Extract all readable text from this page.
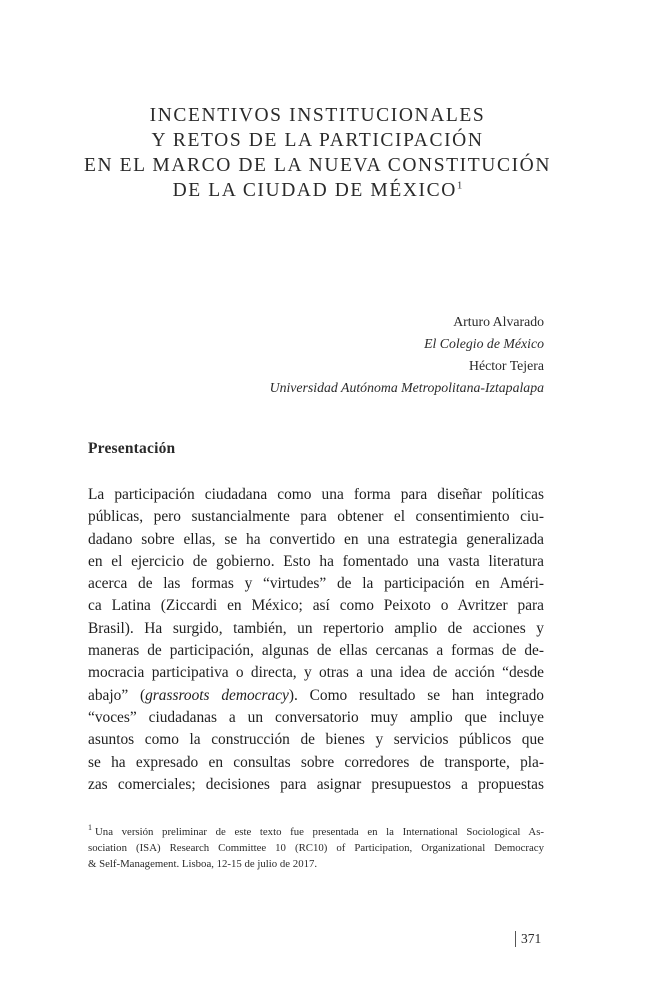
INCENTIVOS INSTITUCIONALES
Y RETOS DE LA PARTICIPACIÓN
EN EL MARCO DE LA NUEVA CONSTITUCIÓN
DE LA CIUDAD DE MÉXICO$^1$
Arturo Alvarado
El Colegio de México
Héctor Tejera
Universidad Autónoma Metropolitana-Iztapalapa
Presentación
La participación ciudadana como una forma para diseñar políticas
públicas, pero sustancialmente para obtener el consentimiento ciu-
dadano sobre ellas, se ha convertido en una estrategia generalizada
en el ejercicio de gobierno. Esto ha fomentado una vasta literatura
acerca de las formas y “virtudes” de la participación en Améri-
ca Latina (Ziccardi en México; así como Peixoto o Avritzer para
Brasil). Ha surgido, también, un repertorio amplio de acciones y
maneras de participación, algunas de ellas cercanas a formas de de-
mocracia participativa o directa, y otras a una idea de acción “desde
abajo” (grassroots democracy). Como resultado se han integrado
“voces” ciudadanas a un conversatorio muy amplio que incluye
asuntos como la construcción de bienes y servicios públicos que
se ha expresado en consultas sobre corredores de transporte, pla-
zas comerciales; decisiones para asignar presupuestos a propuestas
$^1$ Una versión preliminar de este texto fue presentada en la International Sociological As-
sociation (ISA) Research Committee 10 (RC10) of Participation, Organizational Democracy
& Self-Management. Lisboa, 12-15 de julio de 2017.
371
